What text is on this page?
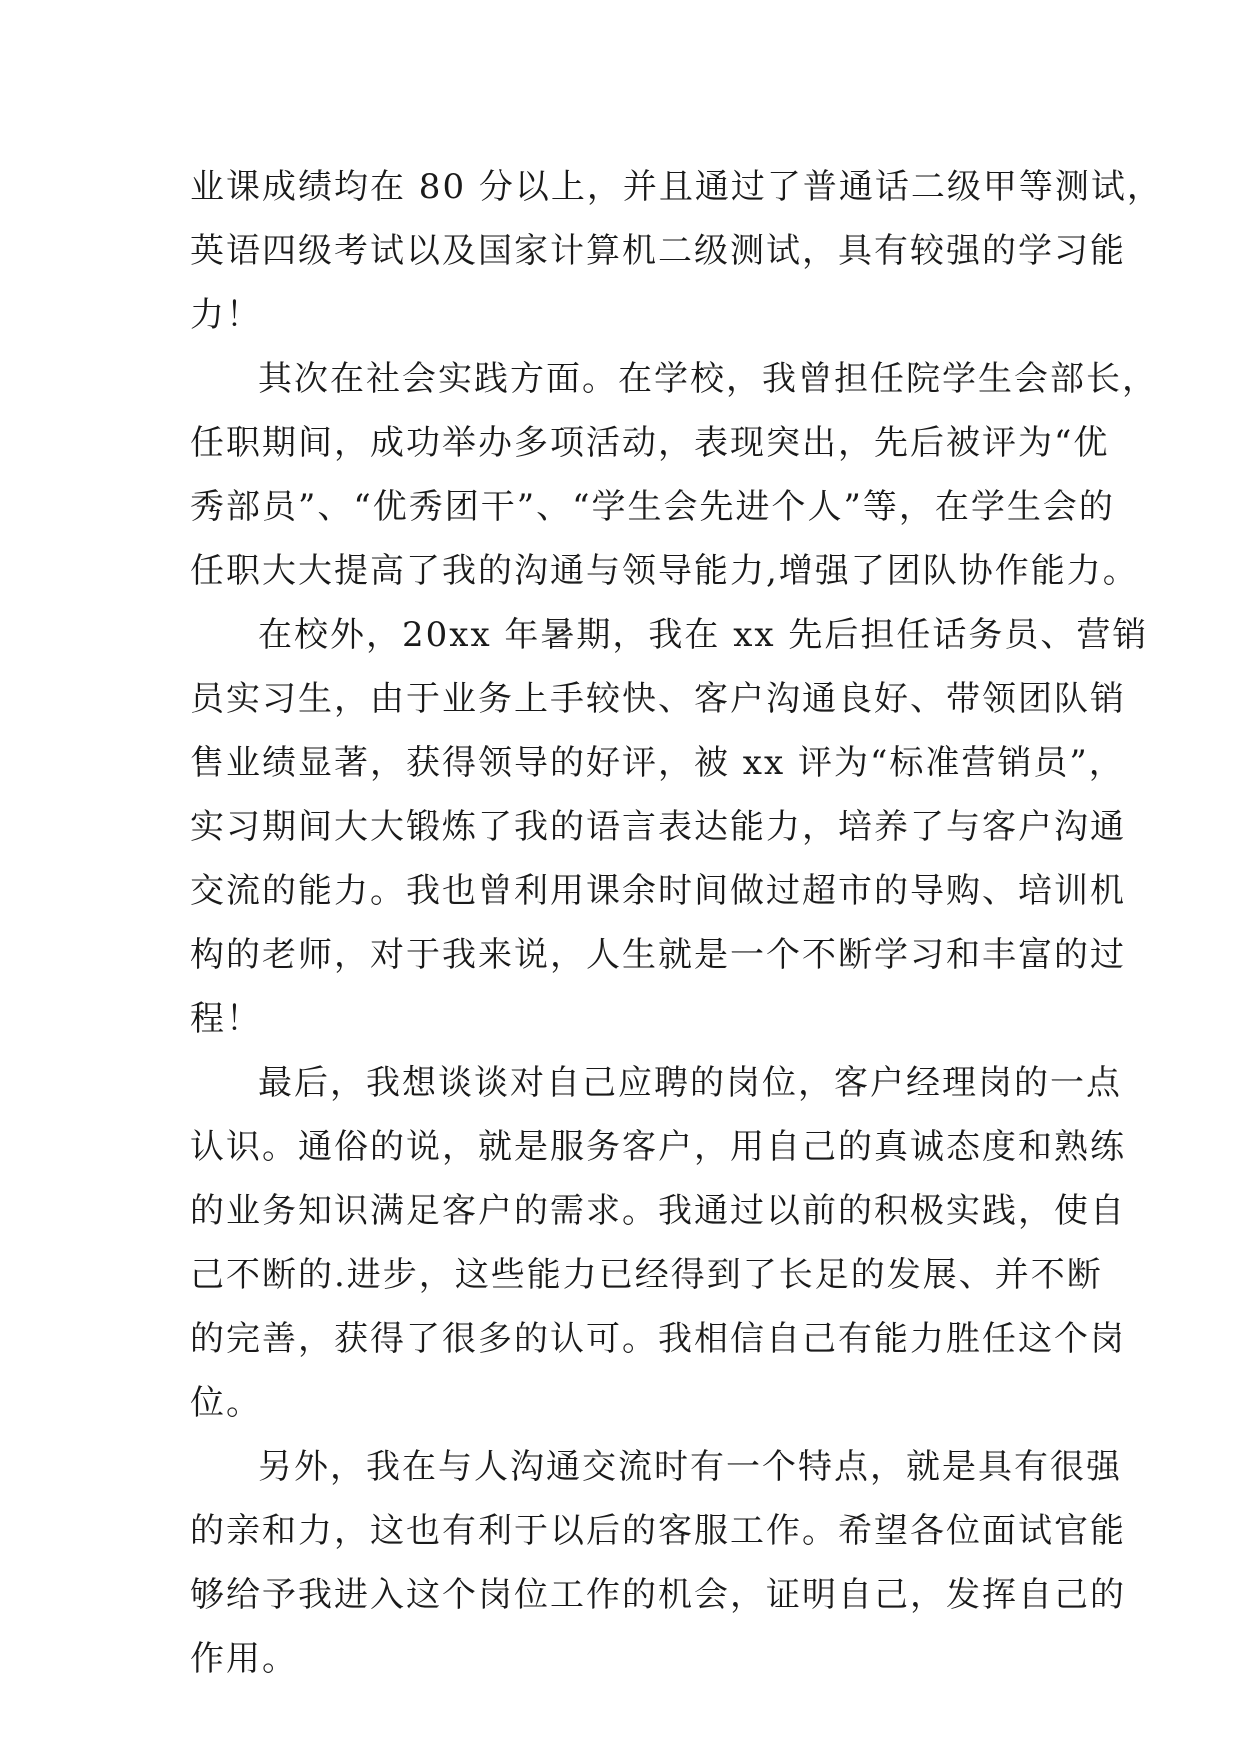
业课成绩均在 80 分以上，并且通过了普通话二级甲等测试，
英语四级考试以及国家计算机二级测试，具有较强的学习能
力！
其次在社会实践方面。在学校，我曾担任院学生会部长，
任职期间，成功举办多项活动，表现突出，先后被评为“优
秀部员”、“优秀团干”、“学生会先进个人”等，在学生会的
任职大大提高了我的沟通与领导能力,增强了团队协作能力。
在校外，20xx 年暑期，我在 xx 先后担任话务员、营销
员实习生，由于业务上手较快、客户沟通良好、带领团队销
售业绩显著，获得领导的好评，被 xx 评为“标准营销员”，
实习期间大大锻炼了我的语言表达能力，培养了与客户沟通
交流的能力。我也曾利用课余时间做过超市的导购、培训机
构的老师，对于我来说，人生就是一个不断学习和丰富的过
程！
最后，我想谈谈对自己应聘的岗位，客户经理岗的一点
认识。通俗的说，就是服务客户，用自己的真诚态度和熟练
的业务知识满足客户的需求。我通过以前的积极实践，使自
己不断的.进步，这些能力已经得到了长足的发展、并不断
的完善，获得了很多的认可。我相信自己有能力胜任这个岗
位。
另外，我在与人沟通交流时有一个特点，就是具有很强
的亲和力，这也有利于以后的客服工作。希望各位面试官能
够给予我进入这个岗位工作的机会，证明自己，发挥自己的
作用。
